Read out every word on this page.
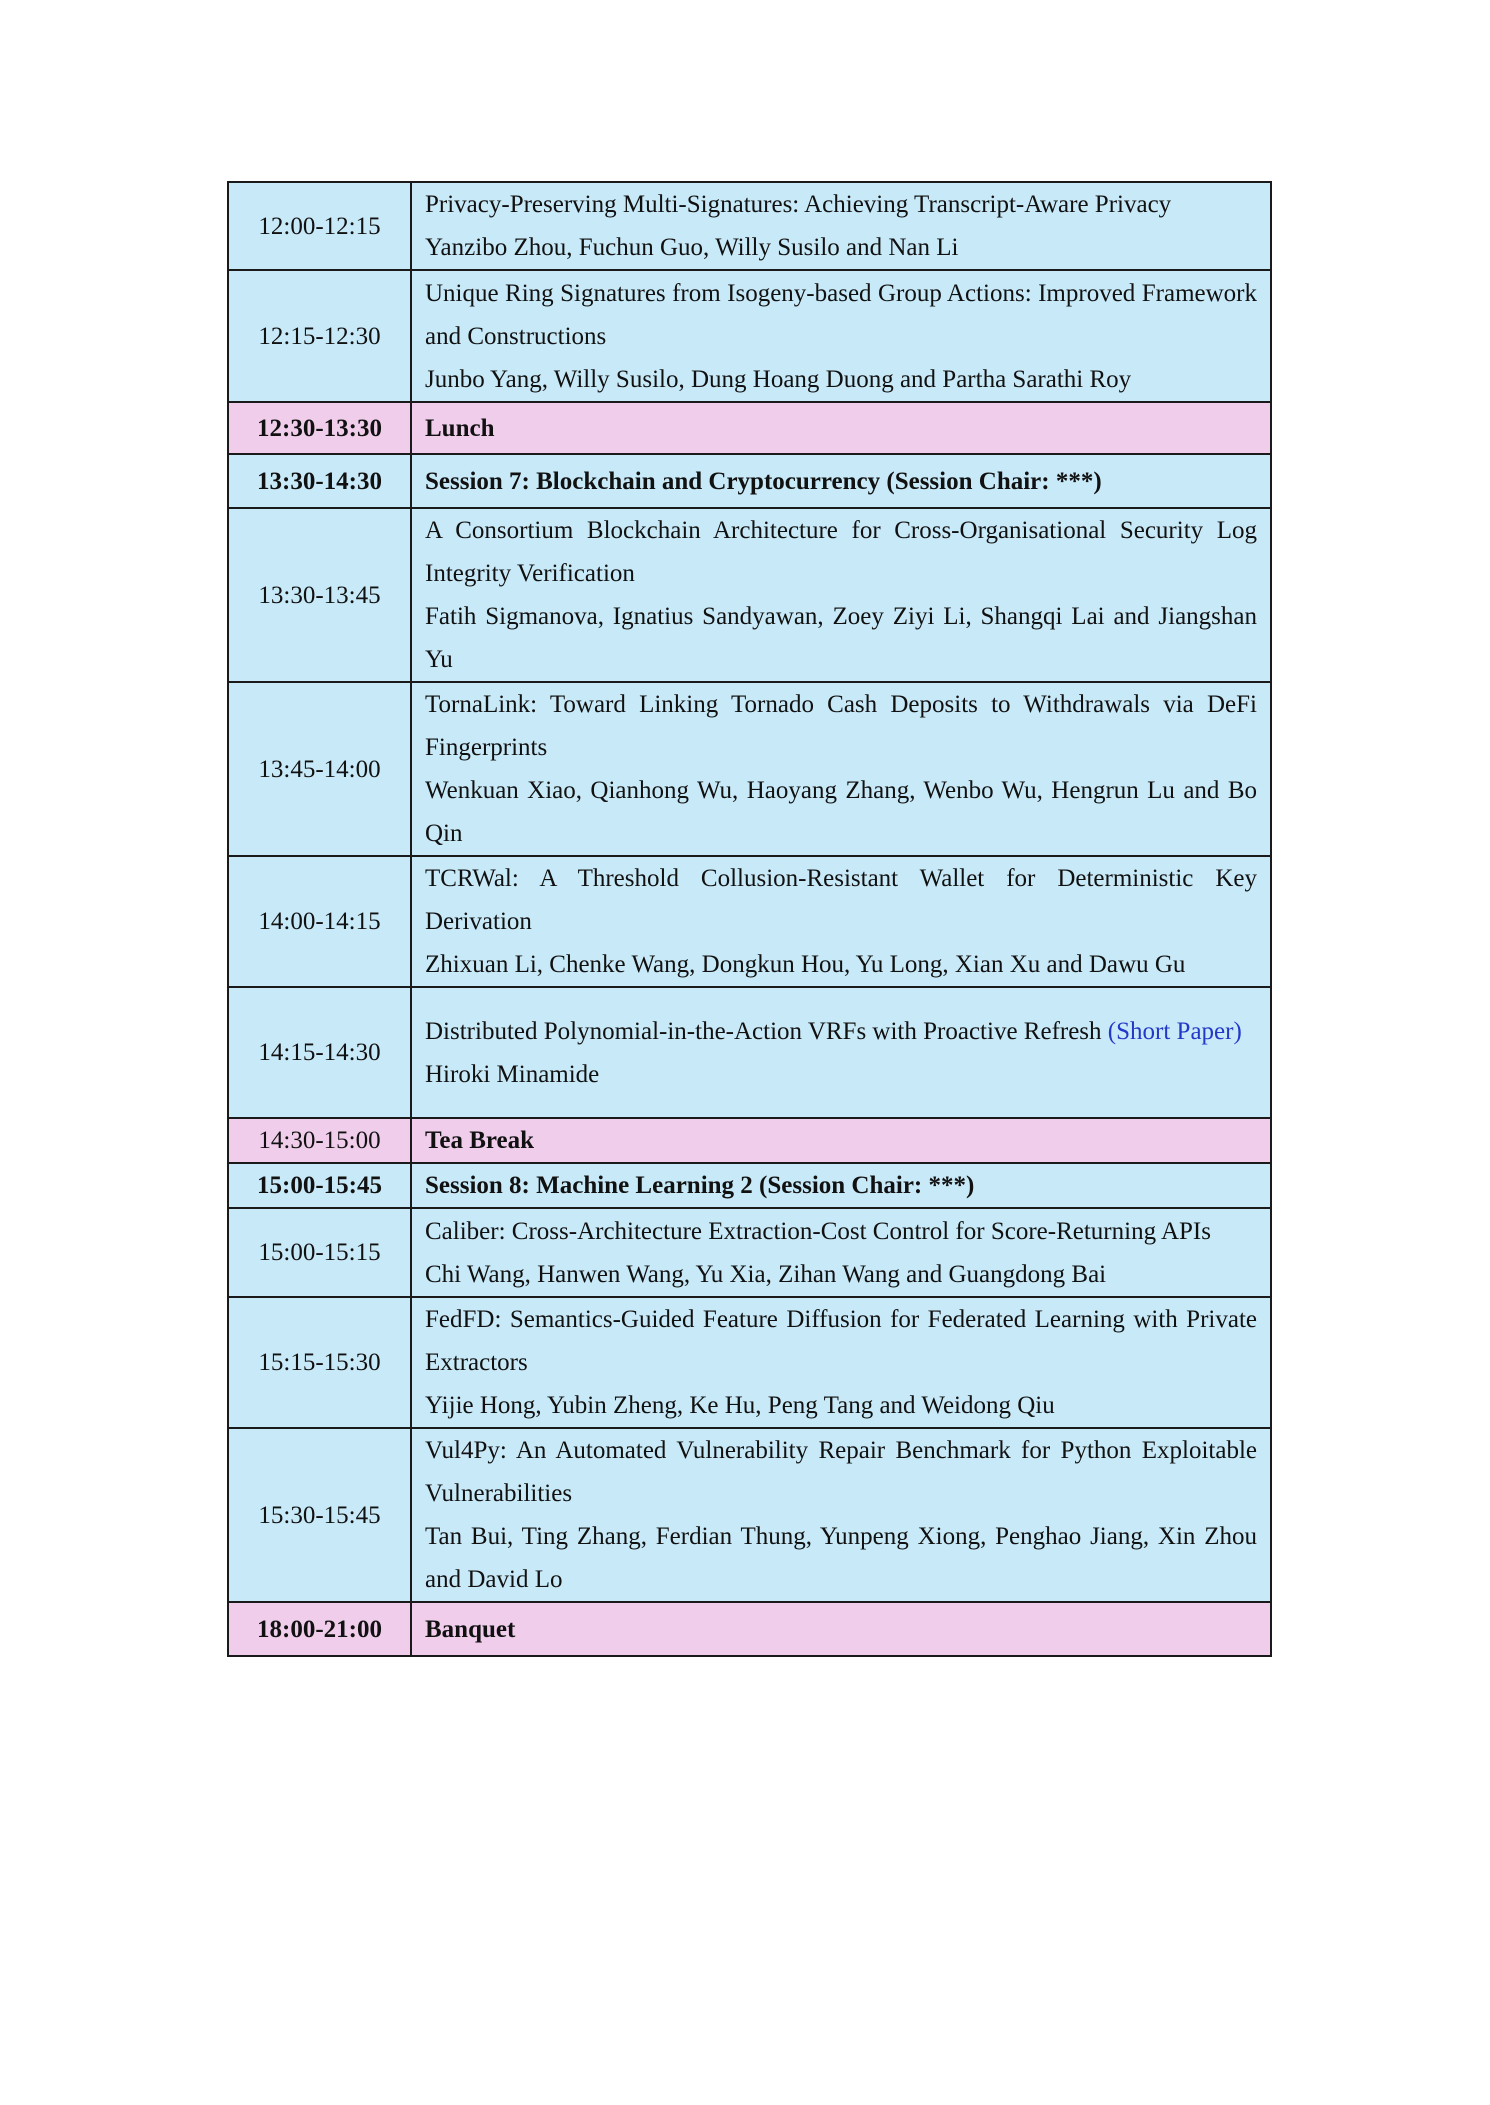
12:00-12:15	Privacy-Preserving Multi-Signatures: Achieving Transcript-Aware Privacy
Yanzibo Zhou, Fuchun Guo, Willy Susilo and Nan Li

12:15-12:30	Unique Ring Signatures from Isogeny-based Group Actions: Improved Framework and Constructions
Junbo Yang, Willy Susilo, Dung Hoang Duong and Partha Sarathi Roy

12:30-13:30	Lunch
13:30-14:30	Session 7: Blockchain and Cryptocurrency (Session Chair: ***)
13:30-13:45	A Consortium Blockchain Architecture for Cross-Organisational Security Log Integrity Verification
Fatih Sigmanova, Ignatius Sandyawan, Zoey Ziyi Li, Shangqi Lai and Jiangshan Yu

13:45-14:00	TornaLink: Toward Linking Tornado Cash Deposits to Withdrawals via DeFi Fingerprints
Wenkuan Xiao, Qianhong Wu, Haoyang Zhang, Wenbo Wu, Hengrun Lu and Bo Qin

14:00-14:15	TCRWal: A Threshold Collusion-Resistant Wallet for Deterministic Key Derivation
Zhixuan Li, Chenke Wang, Dongkun Hou, Yu Long, Xian Xu and Dawu Gu

14:15-14:30	Distributed Polynomial-in-the-Action VRFs with Proactive Refresh (Short Paper)
Hiroki Minamide

14:30-15:00	Tea Break
15:00-15:45	Session 8: Machine Learning 2 (Session Chair: ***)
15:00-15:15	Caliber: Cross-Architecture Extraction-Cost Control for Score-Returning APIs
Chi Wang, Hanwen Wang, Yu Xia, Zihan Wang and Guangdong Bai

15:15-15:30	FedFD: Semantics-Guided Feature Diffusion for Federated Learning with Private Extractors
Yijie Hong, Yubin Zheng, Ke Hu, Peng Tang and Weidong Qiu

15:30-15:45	Vul4Py: An Automated Vulnerability Repair Benchmark for Python Exploitable Vulnerabilities
Tan Bui, Ting Zhang, Ferdian Thung, Yunpeng Xiong, Penghao Jiang, Xin Zhou and David Lo

18:00-21:00	Banquet
